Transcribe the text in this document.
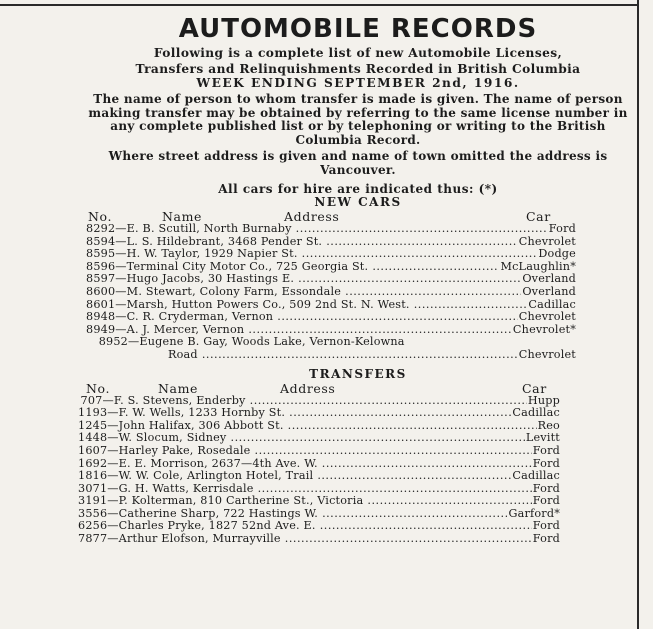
AUTOMOBILE RECORDS
Following is a complete list of new Automobile Licenses,
Transfers and Relinquishments Recorded in British Columbia
WEEK ENDING SEPTEMBER 2nd, 1916.
The name of person to whom transfer is made is given. The name of person making transfer may be obtained by referring to the same license number in any complete published list or by telephoning or writing to the British Columbia Record.
Where street address is given and name of town omitted the address is Vancouver.
All cars for hire are indicated thus: (*)
NEW CARS
No.	Name	Address	Car
8292 —E. B. Scutill, North Burnaby .....	Ford
8594 —L. S. Hildebrant, 3468 Pender St. .....	Chevrolet
8595 —H. W. Taylor, 1929 Napier St. .....	Dodge
8596 —Terminal City Motor Co., 725 Georgia St. .....	McLaughlin*
8597 —Hugo Jacobs, 30 Hastings E. .....	Overland
8600 —M. Stewart, Colony Farm, Essondale .....	Overland
8601 —Marsh, Hutton Powers Co., 509 2nd St. N. West. .....	Cadillac
8948 —C. R. Cryderman, Vernon .....	Chevrolet
8949 —A. J. Mercer, Vernon .....	Chevrolet*
8952 —Eugene B. Gay, Woods Lake, Vernon-Kelowna
Road .....	Chevrolet
TRANSFERS
No.	Name	Address	Car
707 —F. S. Stevens, Enderby .....	Hupp
1193 —F. W. Wells, 1233 Hornby St. .....	Cadillac
1245 —John Halifax, 306 Abbott St. .....	Reo
1448 —W. Slocum, Sidney .....	Levitt
1607 —Harley Pake, Rosedale .....	Ford
1692 —E. E. Morrison, 2637—4th Ave. W. .....	Ford
1816 —W. W. Cole, Arlington Hotel, Trail .....	Cadillac
3071 —G. H. Watts, Kerrisdale .....	Ford
3191 —P. Kolterman, 810 Cartherine St., Victoria .....	Ford
3556 —Catherine Sharp, 722 Hastings W. .....	Garford*
6256 —Charles Pryke, 1827 52nd Ave. E. .....	Ford
7877 —Arthur Elofson, Murrayville .....	Ford
